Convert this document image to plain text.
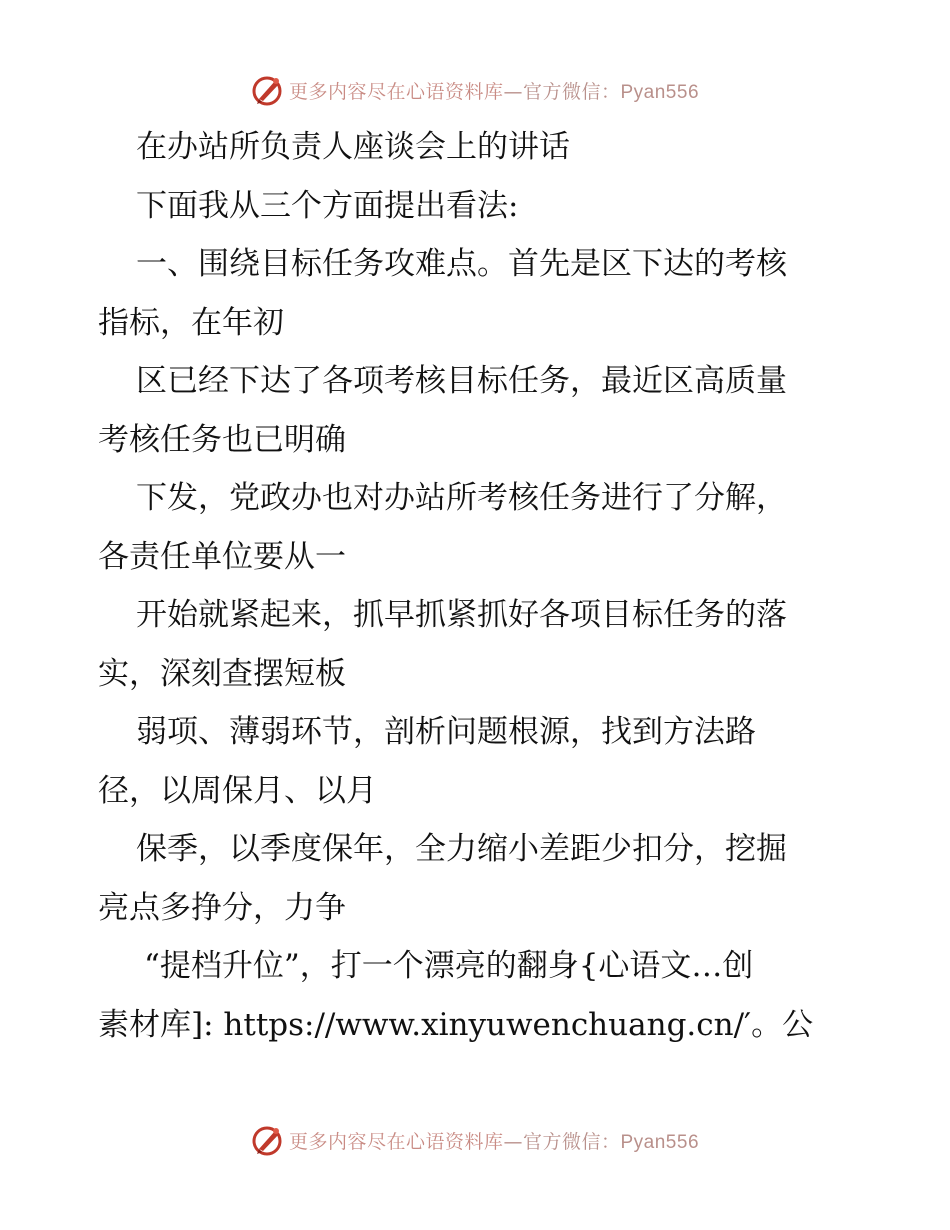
更多内容尽在心语资料库—官方微信：Pyan556
在办站所负责人座谈会上的讲话
下面我从三个方面提出看法:
一、围绕目标任务攻难点。首先是区下达的考核
指标，在年初
区已经下达了各项考核目标任务，最近区高质量
考核任务也已明确
下发，党政办也对办站所考核任务进行了分解，
各责任单位要从一
开始就紧起来，抓早抓紧抓好各项目标任务的落
实，深刻查摆短板
弱项、薄弱环节，剖析问题根源，找到方法路
径，以周保月、以月
保季，以季度保年，全力缩小差距少扣分，挖掘
亮点多挣分，力争
“提档升位”，打一个漂亮的翻身{心语文…创
素材库]: https://www.xinyuwenchuang.cn/′。公
更多内容尽在心语资料库—官方微信：Pyan556
